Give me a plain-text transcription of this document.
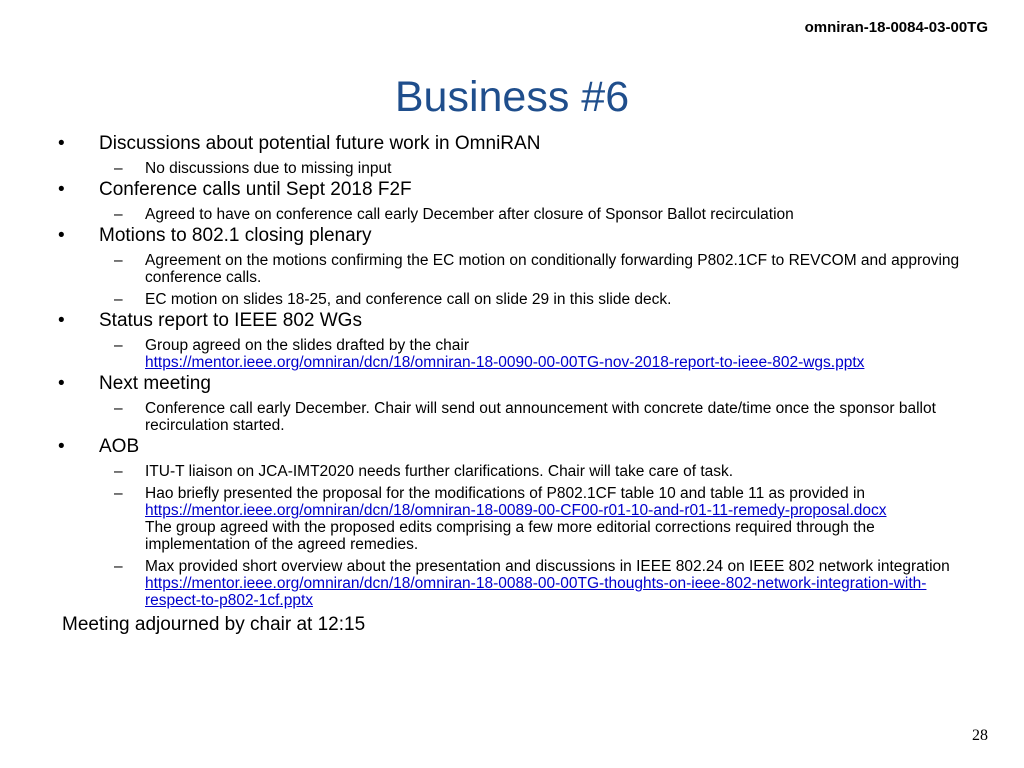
omniran-18-0084-03-00TG
Business #6
• Discussions about potential future work in OmniRAN
– No discussions due to missing input
• Conference calls until Sept 2018 F2F
– Agreed to have on conference call early December after closure of Sponsor Ballot recirculation
• Motions to 802.1 closing plenary
– Agreement on the motions confirming the EC motion on conditionally forwarding P802.1CF to REVCOM and approving conference calls.
– EC motion on slides 18-25, and conference call on slide 29 in this slide deck.
• Status report to IEEE 802 WGs
– Group agreed on the slides drafted by the chair
https://mentor.ieee.org/omniran/dcn/18/omniran-18-0090-00-00TG-nov-2018-report-to-ieee-802-wgs.pptx
• Next meeting
– Conference call early December. Chair will send out announcement with concrete date/time once the sponsor ballot recirculation started.
• AOB
– ITU-T liaison on JCA-IMT2020 needs further clarifications. Chair will take care of task.
– Hao briefly presented the proposal for the modifications of P802.1CF table 10 and table 11 as provided in https://mentor.ieee.org/omniran/dcn/18/omniran-18-0089-00-CF00-r01-10-and-r01-11-remedy-proposal.docx
The group agreed with the proposed edits comprising a few more editorial corrections required through the implementation of the agreed remedies.
– Max provided short overview about the presentation and discussions in IEEE 802.24 on IEEE 802 network integration
https://mentor.ieee.org/omniran/dcn/18/omniran-18-0088-00-00TG-thoughts-on-ieee-802-network-integration-with-respect-to-p802-1cf.pptx
Meeting adjourned by chair at 12:15
28
